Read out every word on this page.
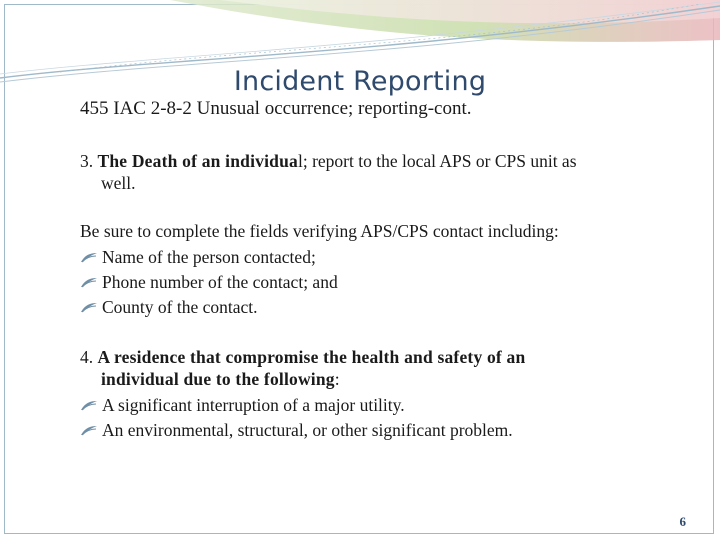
Incident Reporting
455 IAC 2-8-2 Unusual occurrence; reporting-cont.
3. The Death of an individual; report to the local APS or CPS unit as
well.
Be sure to complete the fields verifying APS/CPS contact including:
Name of the person contacted;
Phone number of the contact; and
County of the contact.
4. A residence that compromise the health and safety of an
individual due to the following:
A significant interruption of a major utility.
An environmental, structural, or other significant problem.
6
